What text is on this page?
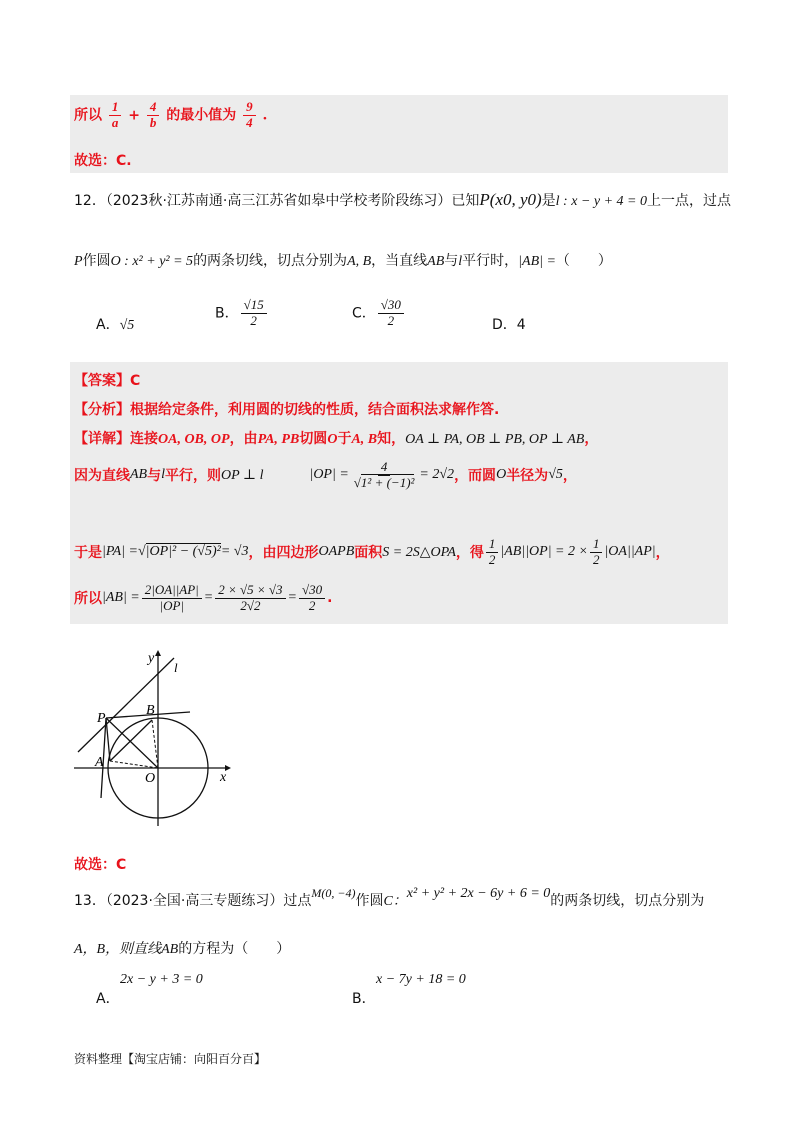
所以 $\frac{1}{a} + \frac{4}{b}$ 的最小值为 $\frac{9}{4}$ .
故选：C.
12．（2023秋·江苏南通·高三江苏省如皋中学校考阶段练习）已知P(x0, y0)是l : x − y + 4 = 0上一点，过点
P作圆O : x² + y² = 5的两条切线，切点分别为A, B，当直线AB与l平行时，|AB| =（　　）
A．√5
B． $\frac{√15}{2}$	C． $\frac{√30}{2}$	D．4
【答案】C
【分析】根据给定条件，利用圆的切线的性质，结合面积法求解作答.
【详解】连接OA, OB, OP，由PA, PB切圆O于A, B知，OA ⊥ PA, OB ⊥ PB, OP ⊥ AB，
因为直线 AB 与 l 平行，则 OP ⊥ l	$|OP| = \frac{4}{\text{√1² + (−1)²}} = 2√2$ ，而圆 O 半径为 √5 ，
于是 |PA| = √|OP|² − (√5)² = √3 ，由四边形 OAPB 面积 S = 2S△OPA ，得 $\frac{1}{2} |AB||OP| = 2 \times \frac{1}{2} |OA||AP|$ ，
所以 $|AB| = \frac{2|OA||AP|}{|OP|} = \frac{2 \times √5 \times √3}{2√2} = \frac{√30}{2}$ .
y
x
l
P
B
A
O
故选：C
13．（2023·全国·高三专题练习）过点M(0, −4)作圆C：x² + y² + 2x − 6y + 6 = 0的两条切线，切点分别为
A，B，则直线AB的方程为（　　）
2x − y + 3 = 0
A．
x − 7y + 18 = 0
B．
资料整理【淘宝店铺：向阳百分百】
